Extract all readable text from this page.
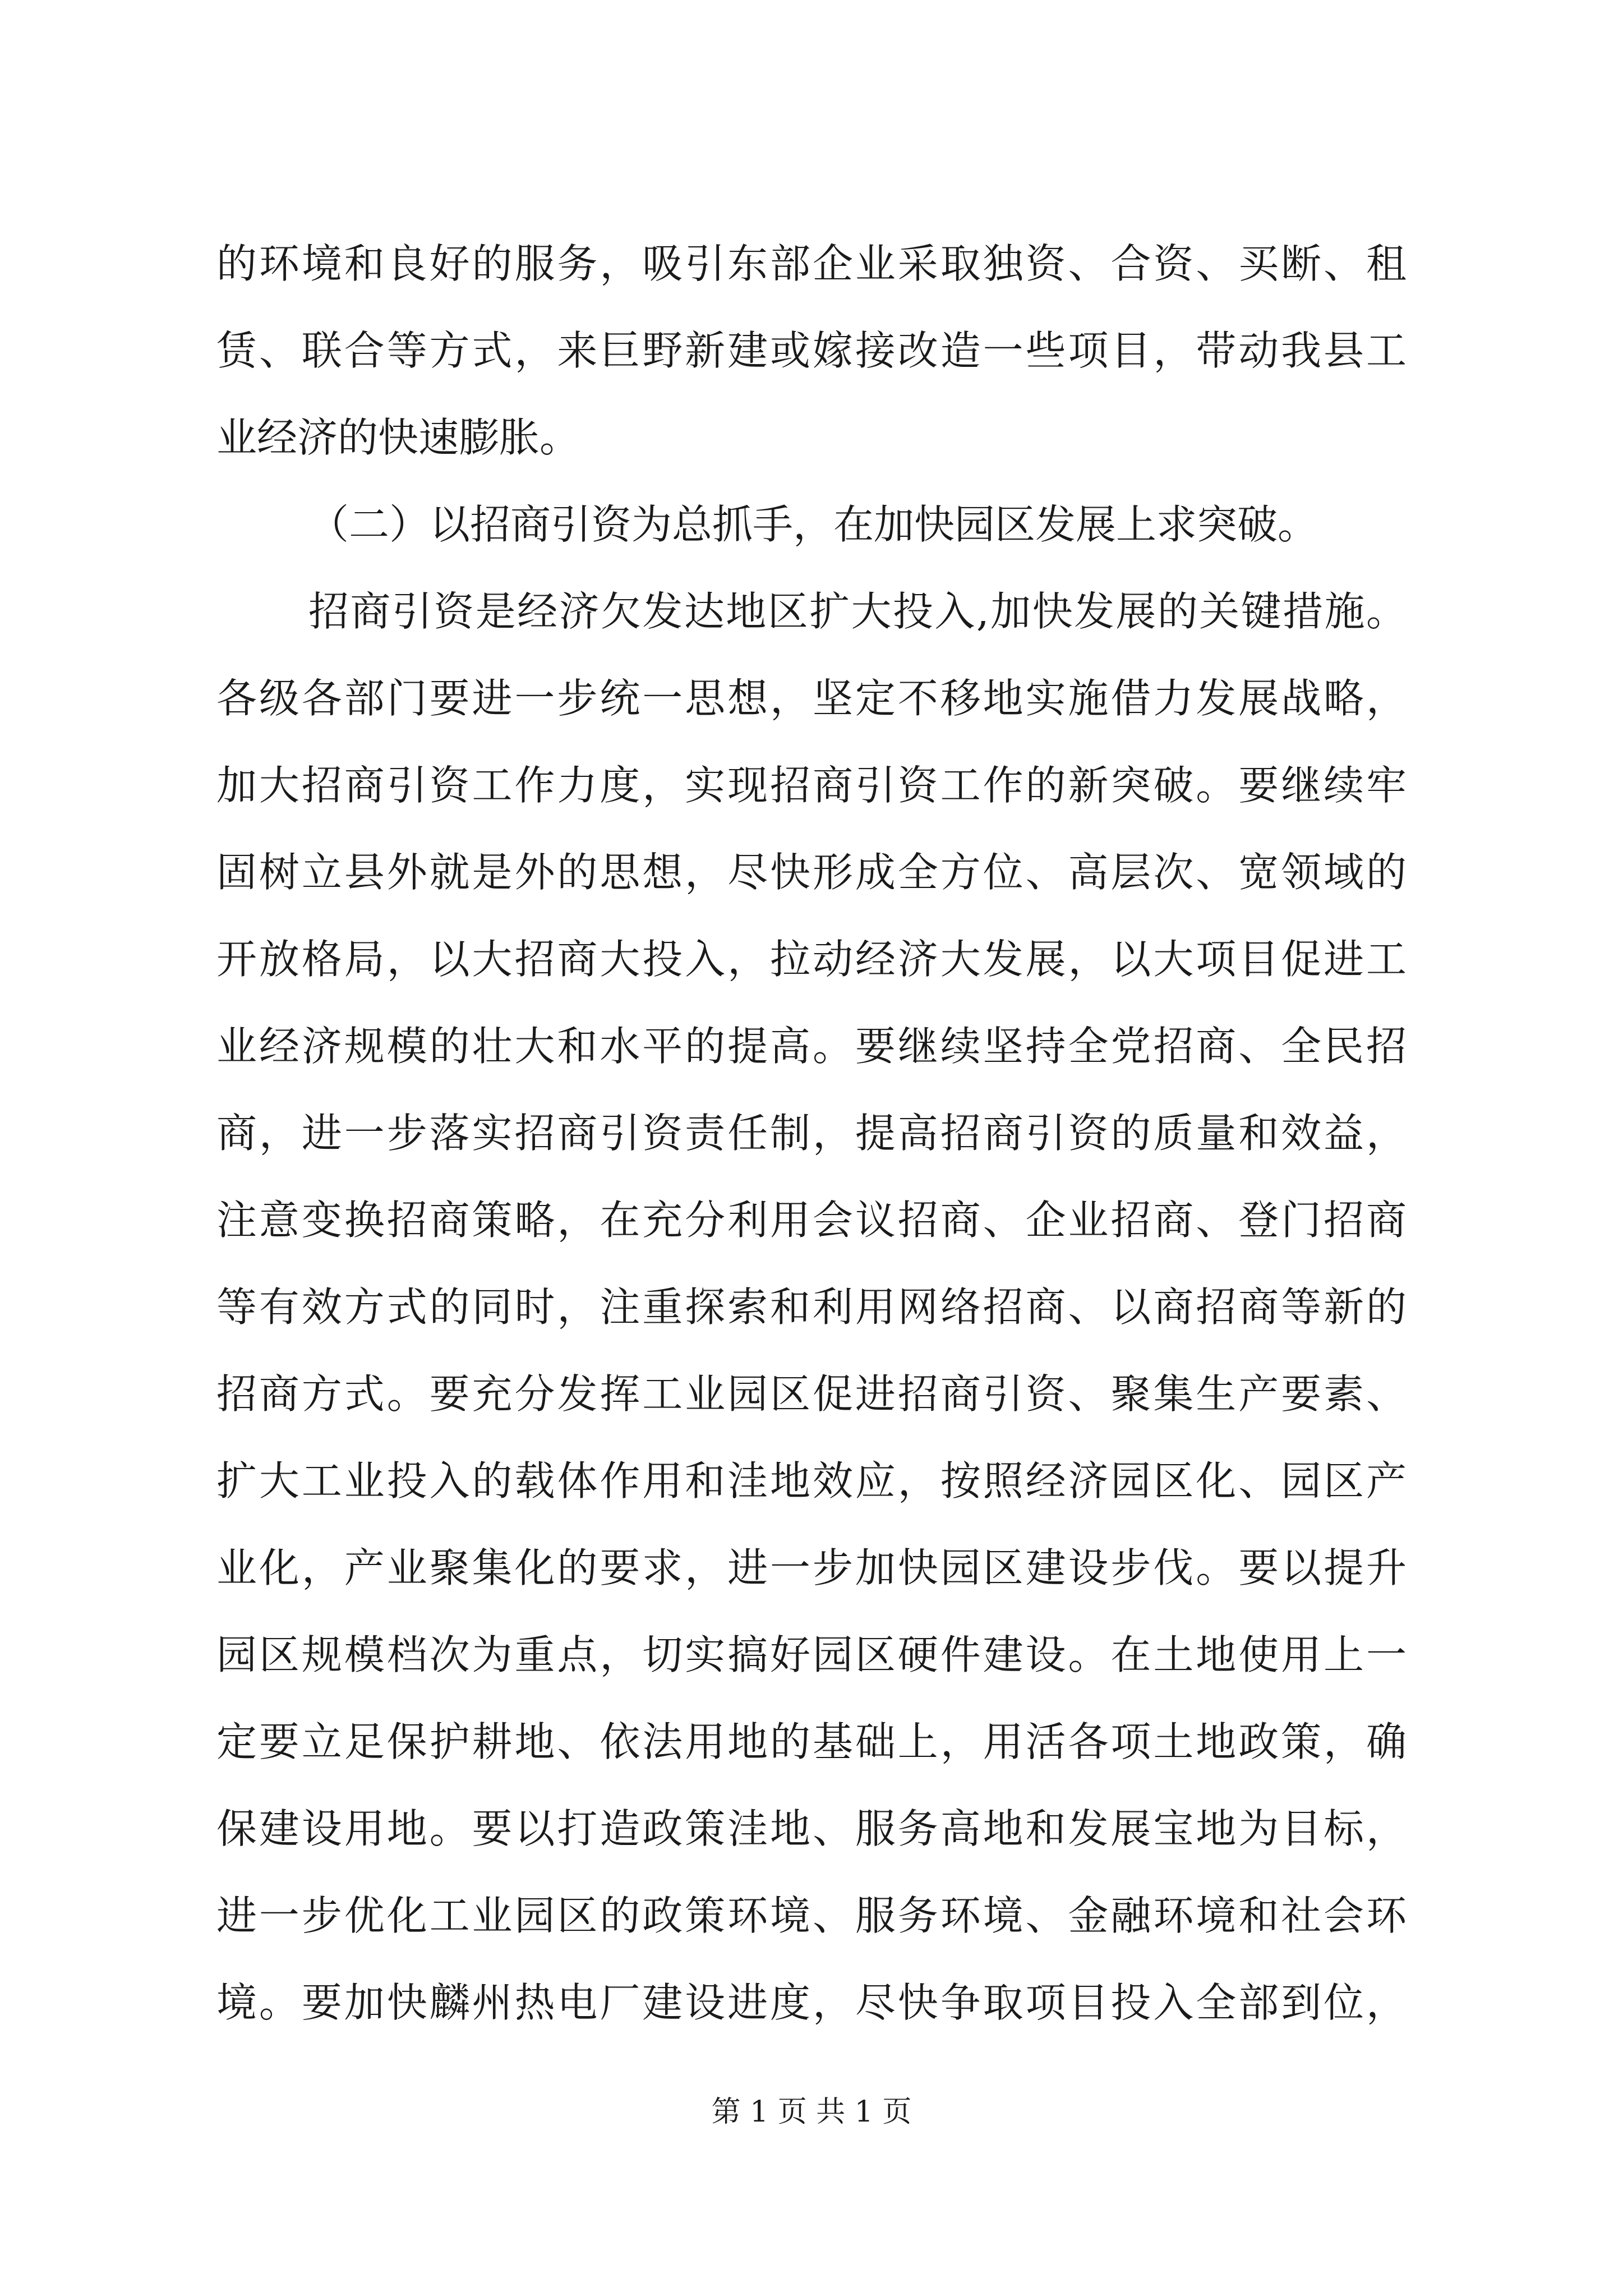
的环境和良好的服务，吸引东部企业采取独资、合资、买断、租
赁、联合等方式，来巨野新建或嫁接改造一些项目，带动我县工
业经济的快速膨胀。
（二）以招商引资为总抓手，在加快园区发展上求突破。
招商引资是经济欠发达地区扩大投入,加快发展的关键措施。
各级各部门要进一步统一思想，坚定不移地实施借力发展战略，
加大招商引资工作力度，实现招商引资工作的新突破。要继续牢
固树立县外就是外的思想，尽快形成全方位、高层次、宽领域的
开放格局，以大招商大投入，拉动经济大发展，以大项目促进工
业经济规模的壮大和水平的提高。要继续坚持全党招商、全民招
商，进一步落实招商引资责任制，提高招商引资的质量和效益，
注意变换招商策略，在充分利用会议招商、企业招商、登门招商
等有效方式的同时，注重探索和利用网络招商、以商招商等新的
招商方式。要充分发挥工业园区促进招商引资、聚集生产要素、
扩大工业投入的载体作用和洼地效应，按照经济园区化、园区产
业化，产业聚集化的要求，进一步加快园区建设步伐。要以提升
园区规模档次为重点，切实搞好园区硬件建设。在土地使用上一
定要立足保护耕地、依法用地的基础上，用活各项土地政策，确
保建设用地。要以打造政策洼地、服务高地和发展宝地为目标，
进一步优化工业园区的政策环境、服务环境、金融环境和社会环
境。要加快麟州热电厂建设进度，尽快争取项目投入全部到位，
第 1 页 共 1 页
